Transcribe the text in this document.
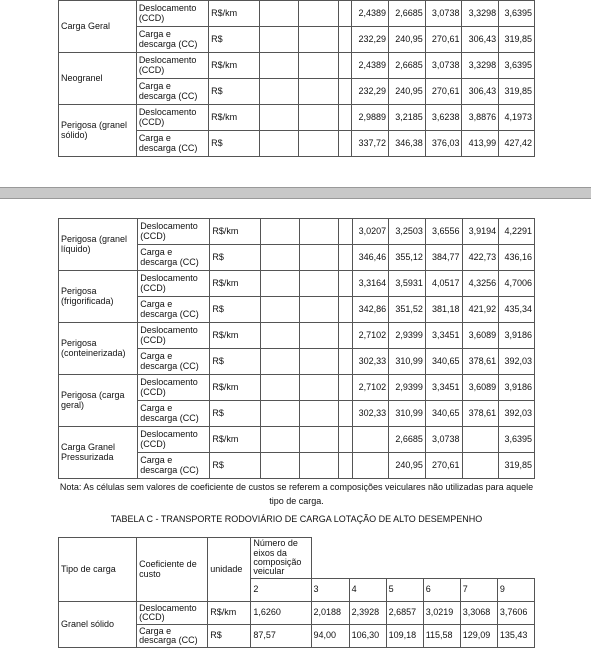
Carga Geral	Deslocamento (CCD)	R$/km				2,4389	2,6685	3,0738	3,3298	3,6395
	Carga e descarga (CC)	R$				232,29	240,95	270,61	306,43	319,85
Neogranel	Deslocamento (CCD)	R$/km				2,4389	2,6685	3,0738	3,3298	3,6395
	Carga e descarga (CC)	R$				232,29	240,95	270,61	306,43	319,85
Perigosa (granel sólido)	Deslocamento (CCD)	R$/km				2,9889	3,2185	3,6238	3,8876	4,1973
	Carga e descarga (CC)	R$				337,72	346,38	376,03	413,99	427,42
Perigosa (granel líquido)	Deslocamento (CCD)	R$/km				3,0207	3,2503	3,6556	3,9194	4,2291
	Carga e descarga (CC)	R$				346,46	355,12	384,77	422,73	436,16
Perigosa (frigorificada)	Deslocamento (CCD)	R$/km				3,3164	3,5931	4,0517	4,3256	4,7006
	Carga e descarga (CC)	R$				342,86	351,52	381,18	421,92	435,34
Perigosa (conteinerizada)	Deslocamento (CCD)	R$/km				2,7102	2,9399	3,3451	3,6089	3,9186
	Carga e descarga (CC)	R$				302,33	310,99	340,65	378,61	392,03
Perigosa (carga geral)	Deslocamento (CCD)	R$/km				2,7102	2,9399	3,3451	3,6089	3,9186
	Carga e descarga (CC)	R$				302,33	310,99	340,65	378,61	392,03
Carga Granel Pressurizada	Deslocamento (CCD)	R$/km					2,6685	3,0738		3,6395
	Carga e descarga (CC)	R$					240,95	270,61		319,85
Nota: As células sem valores de coeficiente de custos se referem a composições veiculares não utilizadas para aquele tipo de carga.
TABELA C - TRANSPORTE RODOVIÁRIO DE CARGA LOTAÇÃO DE ALTO DESEMPENHO
Tipo de carga	Coeficiente de custo	unidade	Número de eixos da composição veicular						
			2	3	4	5	6	7	9
Granel sólido	Deslocamento (CCD)	R$/km	1,6260	2,0188	2,3928	2,6857	3,0219	3,3068	3,7606
	Carga e descarga (CC)	R$	87,57	94,00	106,30	109,18	115,58	129,09	135,43
